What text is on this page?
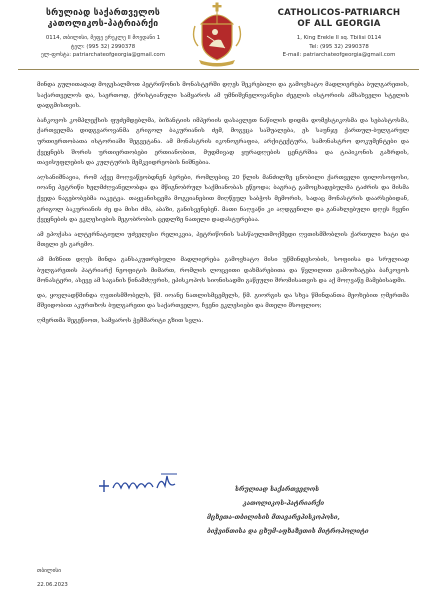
სრულიად საქართველოს
კათოლიკოს-პატრიარქი
0114, თბილისი, მეფე ერეკლე II მოედანი 1
ტელ: (995 32) 2990378
ელ-ფოსტა: patriarchateofgeorgia@gmail.com
CATHOLICOS-PATRIARCH
OF ALL GEORGIA
1, King Erekle II sq. Tbilisi 0114
Tel: (995 32) 2990378
E-mail: patriarchateofgeorgia@gmail.com

მინდა გულითადად მოგესალმოთ პეტრიწონის მონასტერში დღეს შეკრებილი და გამოვხატო მადლიერება ბულგარეთის, საქართველოს და, საერთოდ, ქრისტიანული სამყაროს ამ უმნიშვნელოვანესი ძეგლის ისტორიის ამსახველი სტელის დადგმისთვის.

ბაჩკოვოს კომპლექსის ფუძემდებლმა, ბიზანტიის იმპერიის დასავლეთ ნაწილის დიდმა დომესტიკოსმა და სებასტოსმა, ქართველმა დიდგვაროვანმა გრიგოლ ბაკურიანის ძემ, მოგვცა საშუალება, ეს საუნჯე ქართულ-ბულგარულ ურთიერთობათა ისტორიაში შეგვეტანა. ამ მონასტრის იკონოგრაფია, არქიტექტურა, სამონასტრო დოკუმენტები და ქვეყნებს შორის ურთიერთობები ერთიანობით, მუდმივად ყურადღების ცენტრშია და ტიპიკონის გაზრდის, თავისუფლების და კულტურის მემკვიდრეობის ნიშნებია.

აღსანიშნავია, რომ აქვე მოღვაწეობდნენ ბერები, რომლებიც 20 წლის მანძილზე ცნობილი ქართველი ფილოსოფოსი, იოანე პეტრიწი ხელმძღვანელობდა და მწიგნობრულ საქმიანობას ეწეოდა; ბაგრატ გამოცხადებულმა ტაძრის და მისმა ქვედა ნაგებობებმა იაკეტვა. თაყვანისცემა მოგვიანებით მიღწეულ საბჭოს მემორის, სადაც მონასტრის დაარსებიდან, გრიგოლ ბაკურიანის ძე და მისი ძმა, აბაზი, განისვენებენ. მათი ნაღვაწი კი აღდგენილი და განახლებული დღეს ჩვენი ქვეყნების და ეკლესიების მეგობრობის ცედლზე ნათელი დადასტურებაა.

ამ ეპოქასა ალტერნატიული უძველესი რელიკვია, პეტრიწონის სასწაულთმოქმედი ღვთისმშობლის ქართული ხატი და მთელი ეს გარემო.

ამ მიზნით დღეს მინდა განსაკუთრებული მადლიერება გამოვხატო მისი უწმინდესობის, სოფიისა და სრულიად ბულგარეთის პატრიარქ ნეოფიტის მიმართ, რომლის ლოცვითი დახმარებითა და წვლილით გამოიხატება ბაჩკოვოს მონასტერი, ასევე ამ საგანის წინამძღვრის, ეპისკოპოს სიონისადმი გაწეული შრომისათვის და აქ მოღვაწე მამებისადმი.

და, ყოვლადწმინდა ღვთისმშობელს, წმ. იოანე ნათლისმცემელს, წმ. გიორგის და სხვა წმინდანთა მეოხებით ღმერთმა მშვიდობით აკურთხოს ბულგარეთი და საქართველო, ჩვენი ეკლესიები და მთელი მსოფლიო;

ღმერთმა შეგეწიოთ, სამყაროს ჭეშმარიტი გზით სვლა.

სრულიად საქართველოს
კათოლიკოს-პატრიარქი
მცხეთა-თბილისის მთავარეპისკოპოსი,
ბიჭვინთისა და ცხუმ-აფხაზეთის მიტროპოლიტი
თბილისი
22.06.2023
